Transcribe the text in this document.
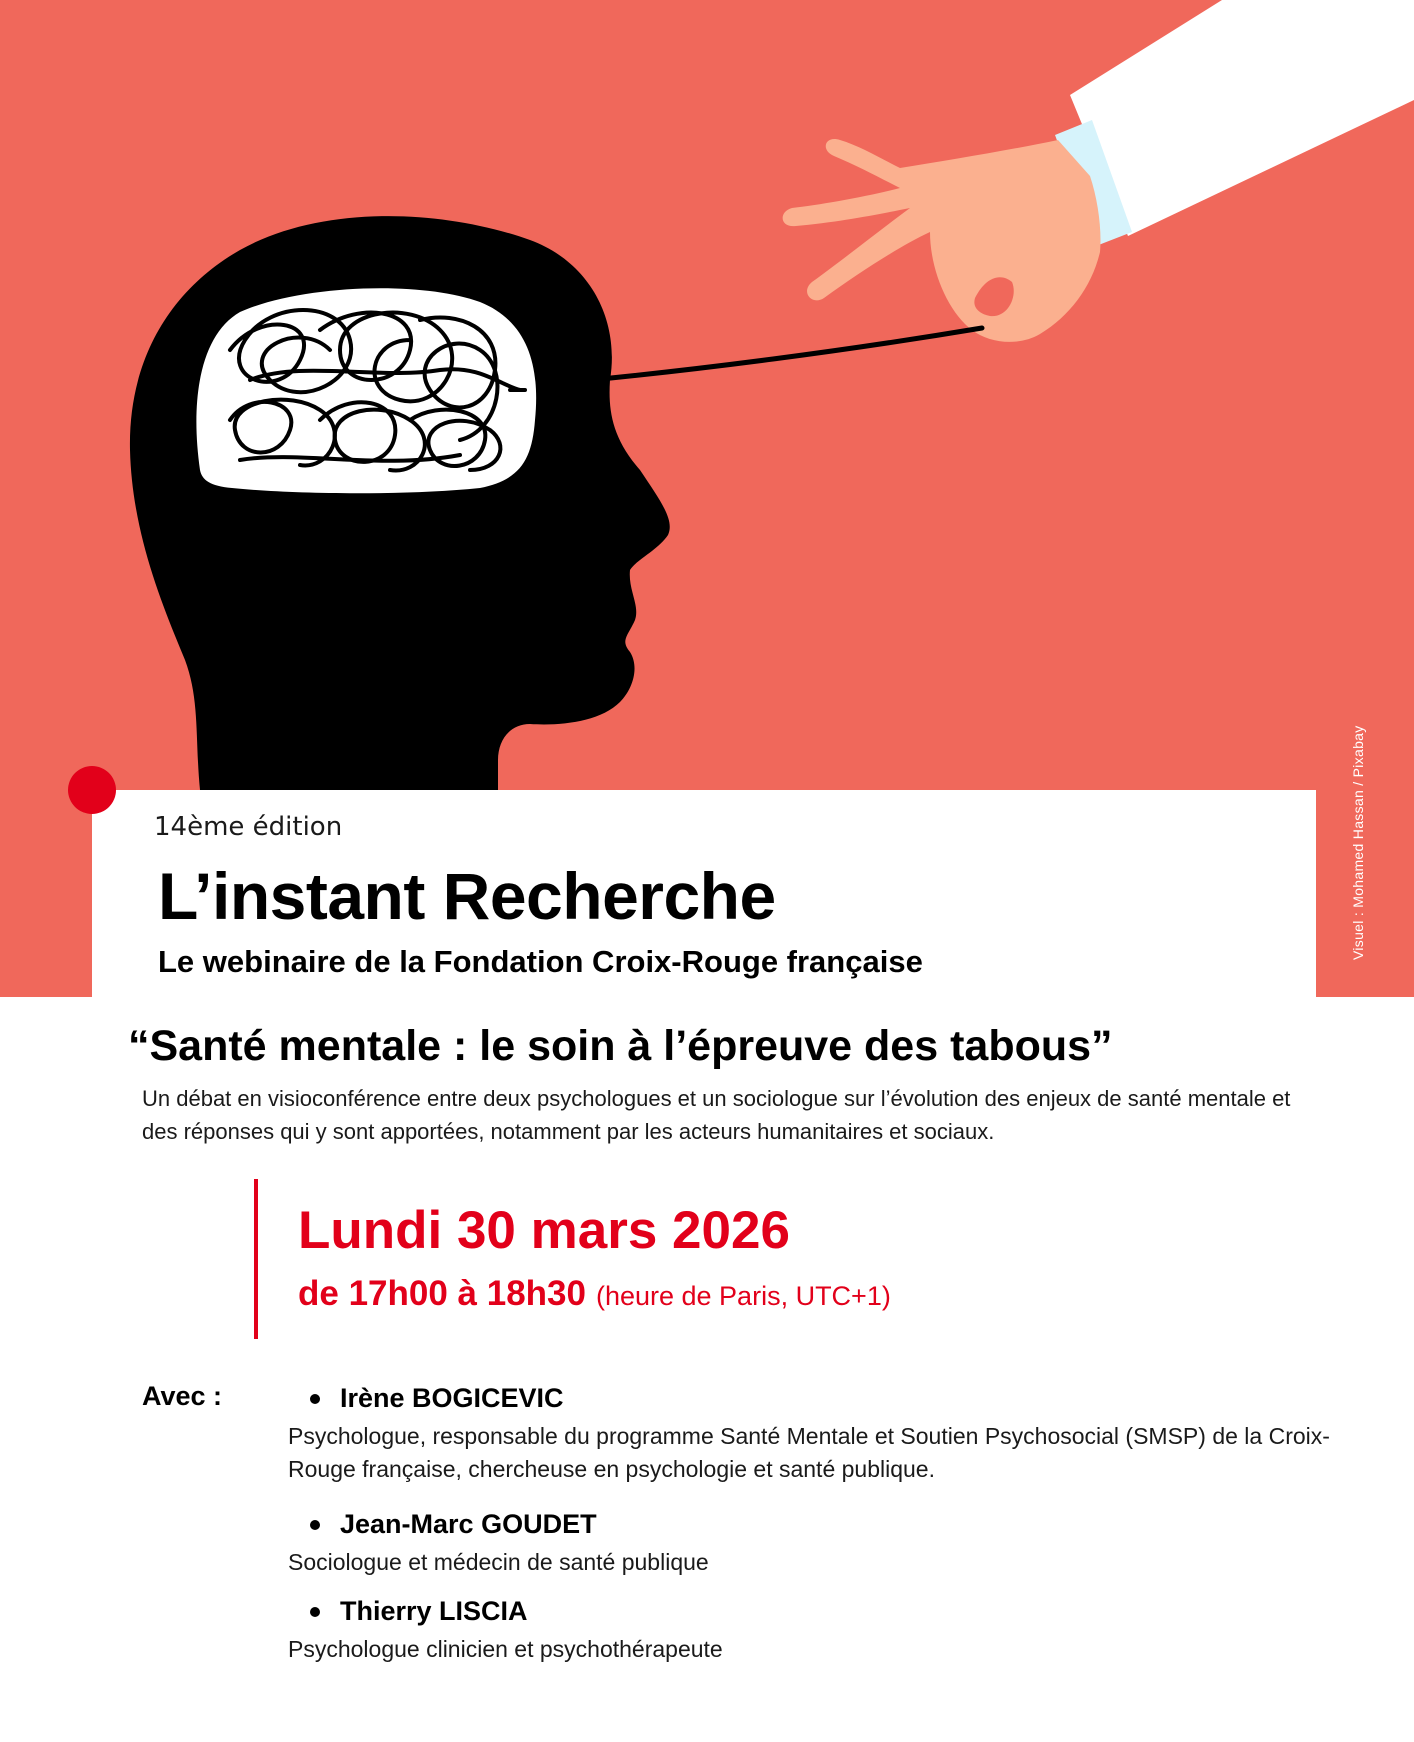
Visuel : Mohamed Hassan / Pixabay
14ème édition
L’instant Recherche
Le webinaire de la Fondation Croix-Rouge française
“Santé mentale : le soin à l’épreuve des tabous”
Un débat en visioconférence entre deux psychologues et un sociologue sur l’évolution des enjeux de santé mentale et des réponses qui y sont apportées, notamment par les acteurs humanitaires et sociaux.
Lundi 30 mars 2026
de 17h00 à 18h30 (heure de Paris, UTC+1)
Avec :	Irène BOGICEVIC
Psychologue, responsable du programme Santé Mentale et Soutien Psychosocial (SMSP) de la Croix-Rouge française, chercheuse en psychologie et santé publique.
Jean-Marc GOUDET
Sociologue et médecin de santé publique
Thierry LISCIA
Psychologue clinicien et psychothérapeute
